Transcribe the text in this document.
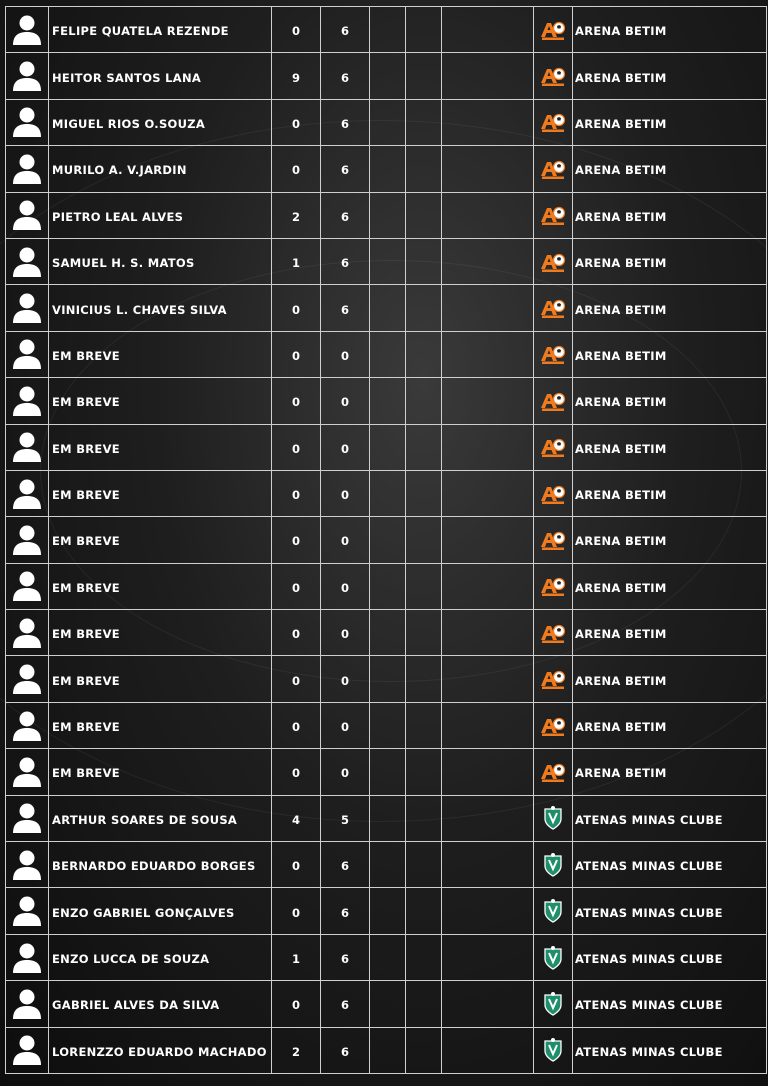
	FELIPE QUATELA REZENDE	0	6					ARENA BETIM

	HEITOR SANTOS LANA	9	6					ARENA BETIM

	MIGUEL RIOS O.SOUZA	0	6					ARENA BETIM

	MURILO A. V.JARDIN	0	6					ARENA BETIM

	PIETRO LEAL ALVES	2	6					ARENA BETIM

	SAMUEL H. S. MATOS	1	6					ARENA BETIM

	VINICIUS L. CHAVES SILVA	0	6					ARENA BETIM

	EM BREVE	0	0					ARENA BETIM

	EM BREVE	0	0					ARENA BETIM

	EM BREVE	0	0					ARENA BETIM

	EM BREVE	0	0					ARENA BETIM

	EM BREVE	0	0					ARENA BETIM

	EM BREVE	0	0					ARENA BETIM

	EM BREVE	0	0					ARENA BETIM

	EM BREVE	0	0					ARENA BETIM

	EM BREVE	0	0					ARENA BETIM

	EM BREVE	0	0					ARENA BETIM

	ARTHUR SOARES DE SOUSA	4	5					ATENAS MINAS CLUBE

	BERNARDO EDUARDO BORGES	0	6					ATENAS MINAS CLUBE

	ENZO GABRIEL GONÇALVES	0	6					ATENAS MINAS CLUBE

	ENZO LUCCA DE SOUZA	1	6					ATENAS MINAS CLUBE

	GABRIEL ALVES DA SILVA	0	6					ATENAS MINAS CLUBE

	LORENZZO EDUARDO MACHADO	2	6					ATENAS MINAS CLUBE
